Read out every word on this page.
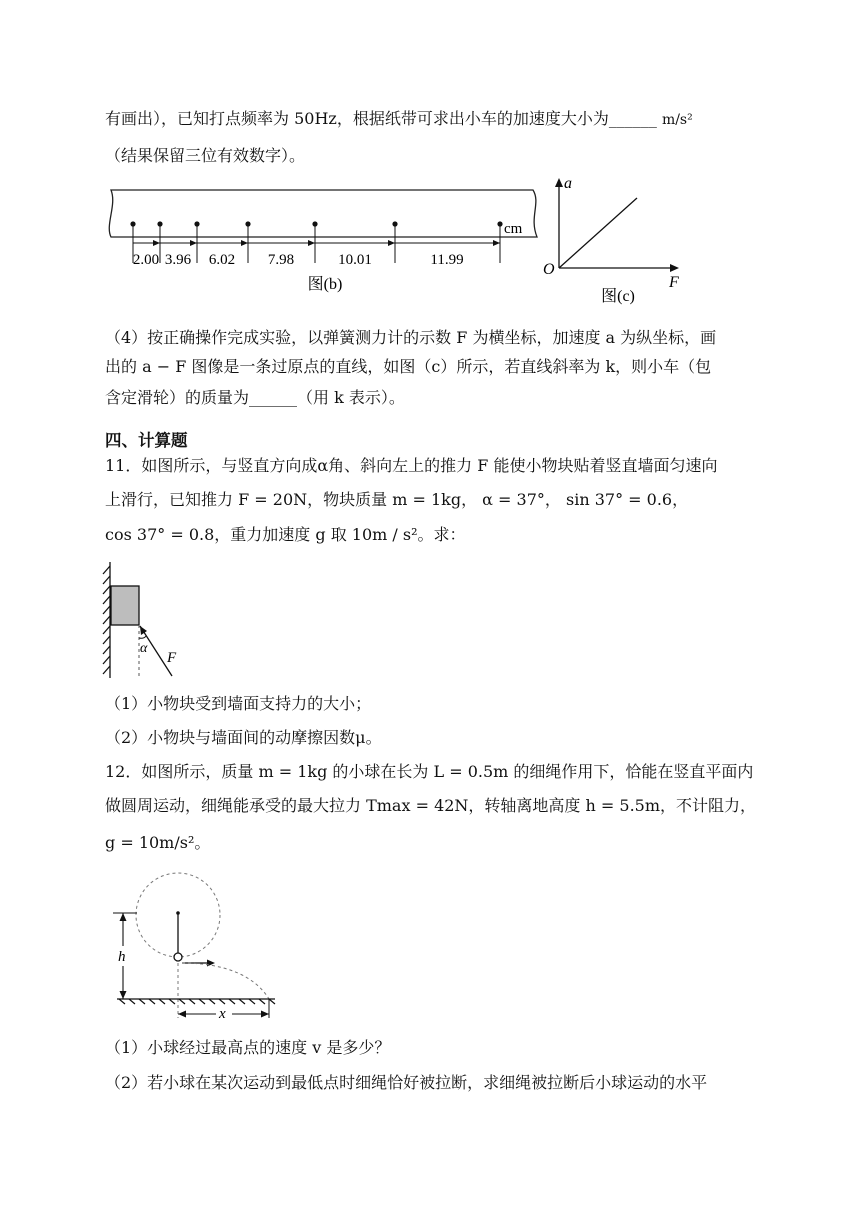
有画出），已知打点频率为 50Hz，根据纸带可求出小车的加速度大小为______ m/s²
（结果保留三位有效数字）。
cm
2.00 3.96 6.02 7.98	10.01	11.99
图(b)
a
F
O
图(c)
（4）按正确操作完成实验，以弹簧测力计的示数 F 为横坐标，加速度 a 为纵坐标，画
出的 a − F 图像是一条过原点的直线，如图（c）所示，若直线斜率为 k，则小车（包
含定滑轮）的质量为______（用 k 表示）。
四、计算题
11．如图所示，与竖直方向成α角、斜向左上的推力 F 能使小物块贴着竖直墙面匀速向
上滑行，已知推力 F = 20N，物块质量 m = 1kg， α = 37°， sin 37° = 0.6，
cos 37° = 0.8，重力加速度 g 取 10m / s²。求：
α
F
（1）小物块受到墙面支持力的大小；
（2）小物块与墙面间的动摩擦因数μ。
12．如图所示，质量 m = 1kg 的小球在长为 L = 0.5m 的细绳作用下，恰能在竖直平面内
做圆周运动，细绳能承受的最大拉力 Tmax = 42N，转轴离地高度 h = 5.5m，不计阻力，
g = 10m/s²。
h
x
（1）小球经过最高点的速度 v 是多少？
（2）若小球在某次运动到最低点时细绳恰好被拉断，求细绳被拉断后小球运动的水平
